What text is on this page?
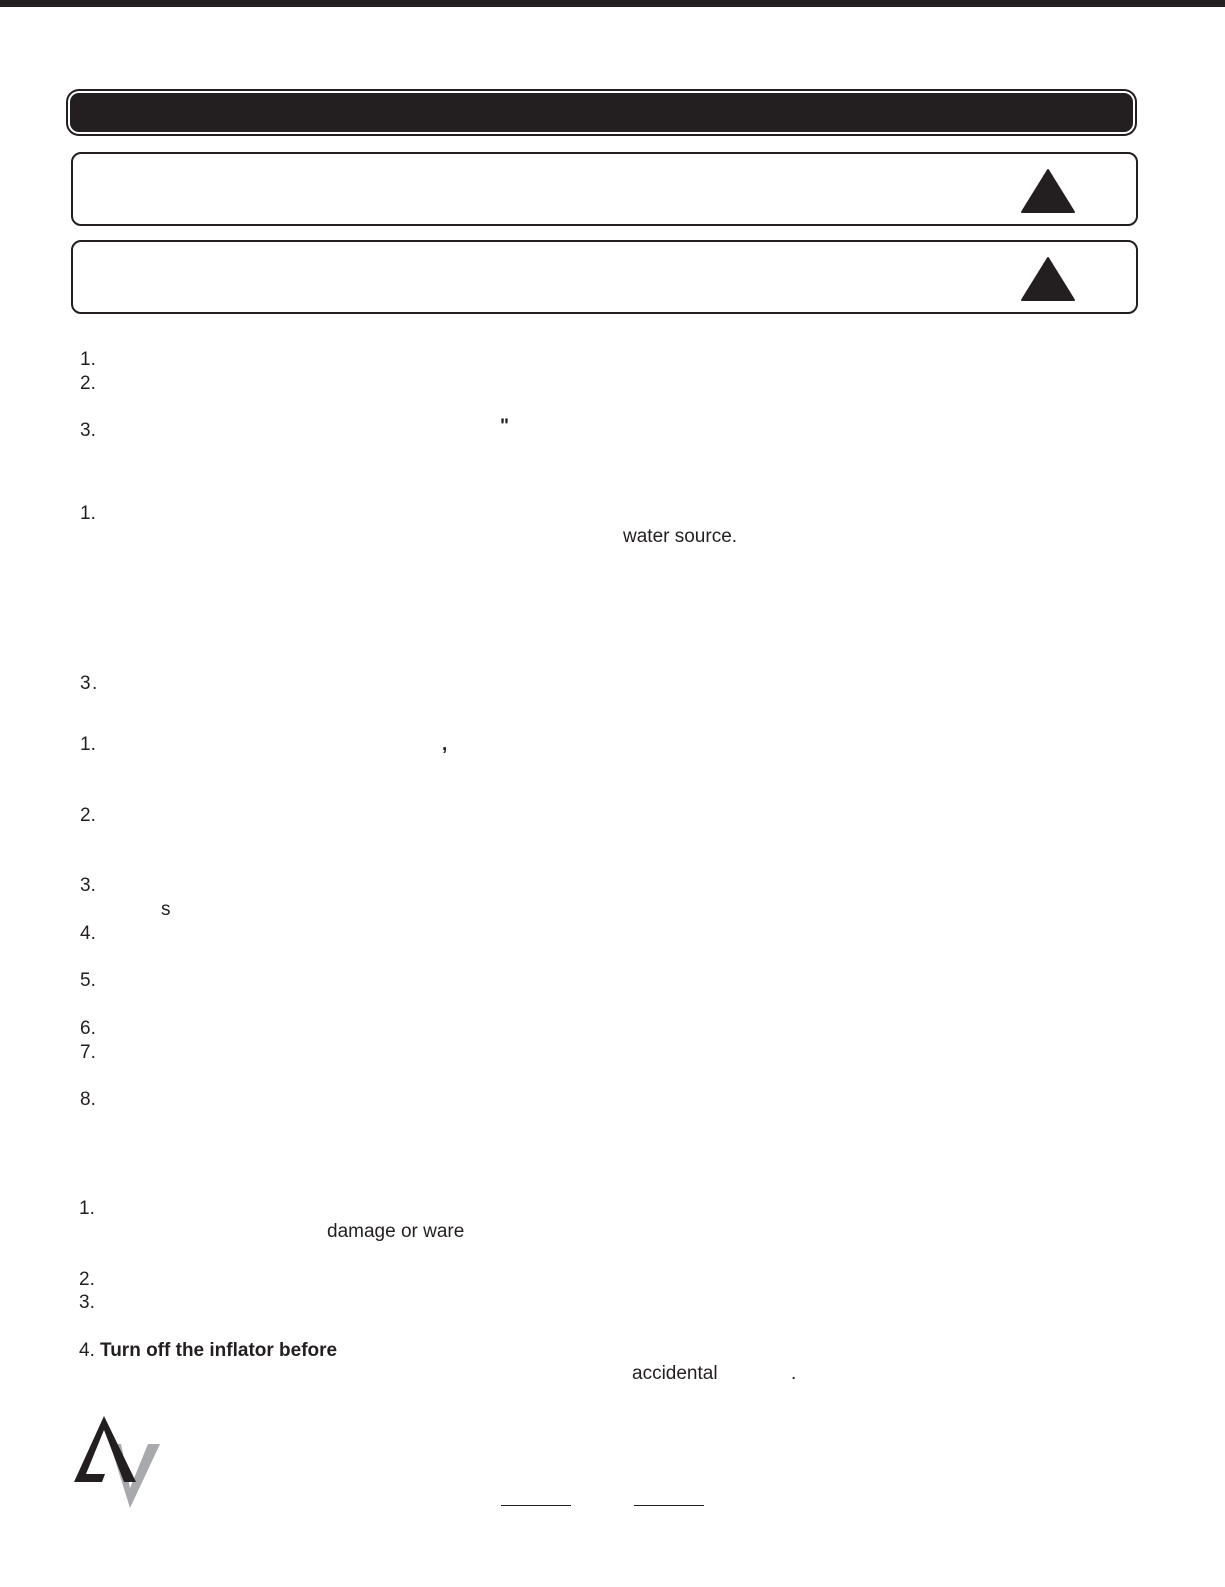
1.
2.
3.	"
1.
water source.
3 .
1.	,
2.
3.
s
4.
5.
6.
7.
8.
1.
damage or ware
2.
3.
4. Turn off the inflator before
accidental	.
